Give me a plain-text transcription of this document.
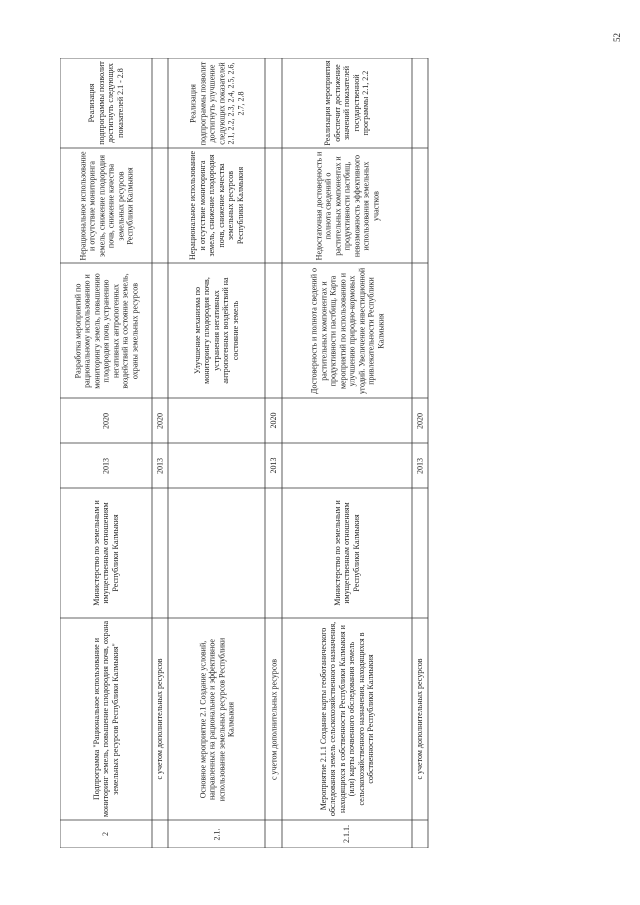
52
Реализация подпрограммы позволит достигнуть следующих показателей 2.1 - 2.8
Нерациональное использование и отсутствие мониторинга земель, снижение плодородия почв, снижение качества земельных ресурсов Республики Калмыкия
Разработка мероприятий по рациональному использованию и мониторингу земель, повышению плодородия почв, устранению негативных антропогенных воздействий на состояние земель, охраны земельных ресурсов
2020
2013
Министерство по земельным и имущественным отношениям Республики Калмыкия
Подпрограмма "Рациональное использование и мониторинг земель, повышение плодородия почв, охрана земельных ресурсов Республики Калмыкия"
2
2020
2013
с учетом дополнительных ресурсов
Реализация подпрограммы позволит достигнуть улучшение следующих показателей 2.1, 2.2, 2.3, 2.4, 2.5, 2.6, 2.7, 2.8
Нерациональное использование и отсутствие мониторинга земель, снижение плодородия почв, снижение качества земельных ресурсов Республики Калмыкия
Улучшение механизма по мониторингу плодородия почв, устранения негативных антропогенных воздействий на состояние земель
Основное мероприятие 2.1 Создание условий, направленных на рациональное и эффективное использование земельных ресурсов Республики Калмыкия
2.1.
2020
2013
с учетом дополнительных ресурсов
Реализация мероприятия обеспечит достижение значений показателей государственной программы 2.1, 2.2
Недостаточная достоверность и полнота сведений о растительных компонентах и продуктивности пастбищ, невозможность эффективного использования земельных участков
Достоверность и полнота сведений о растительных компонентах и продуктивности пастбищ. Карта мероприятий по использованию и улучшению природно-кормовых угодий. Увеличение инвестиционной привлекательности Республики Калмыкия
Министерство по земельным и имущественным отношениям Республики Калмыкия
Мероприятие 2.1.1 Создание карты геоботанического обследования земель сельскохозяйственного назначения, находящихся в собственности Республики Калмыкия и (или) карты почвенного обследования земель сельскохозяйственного назначения, находящихся в собственности Республики Калмыкия
2.1.1.
2020
2013
с учетом дополнительных ресурсов
